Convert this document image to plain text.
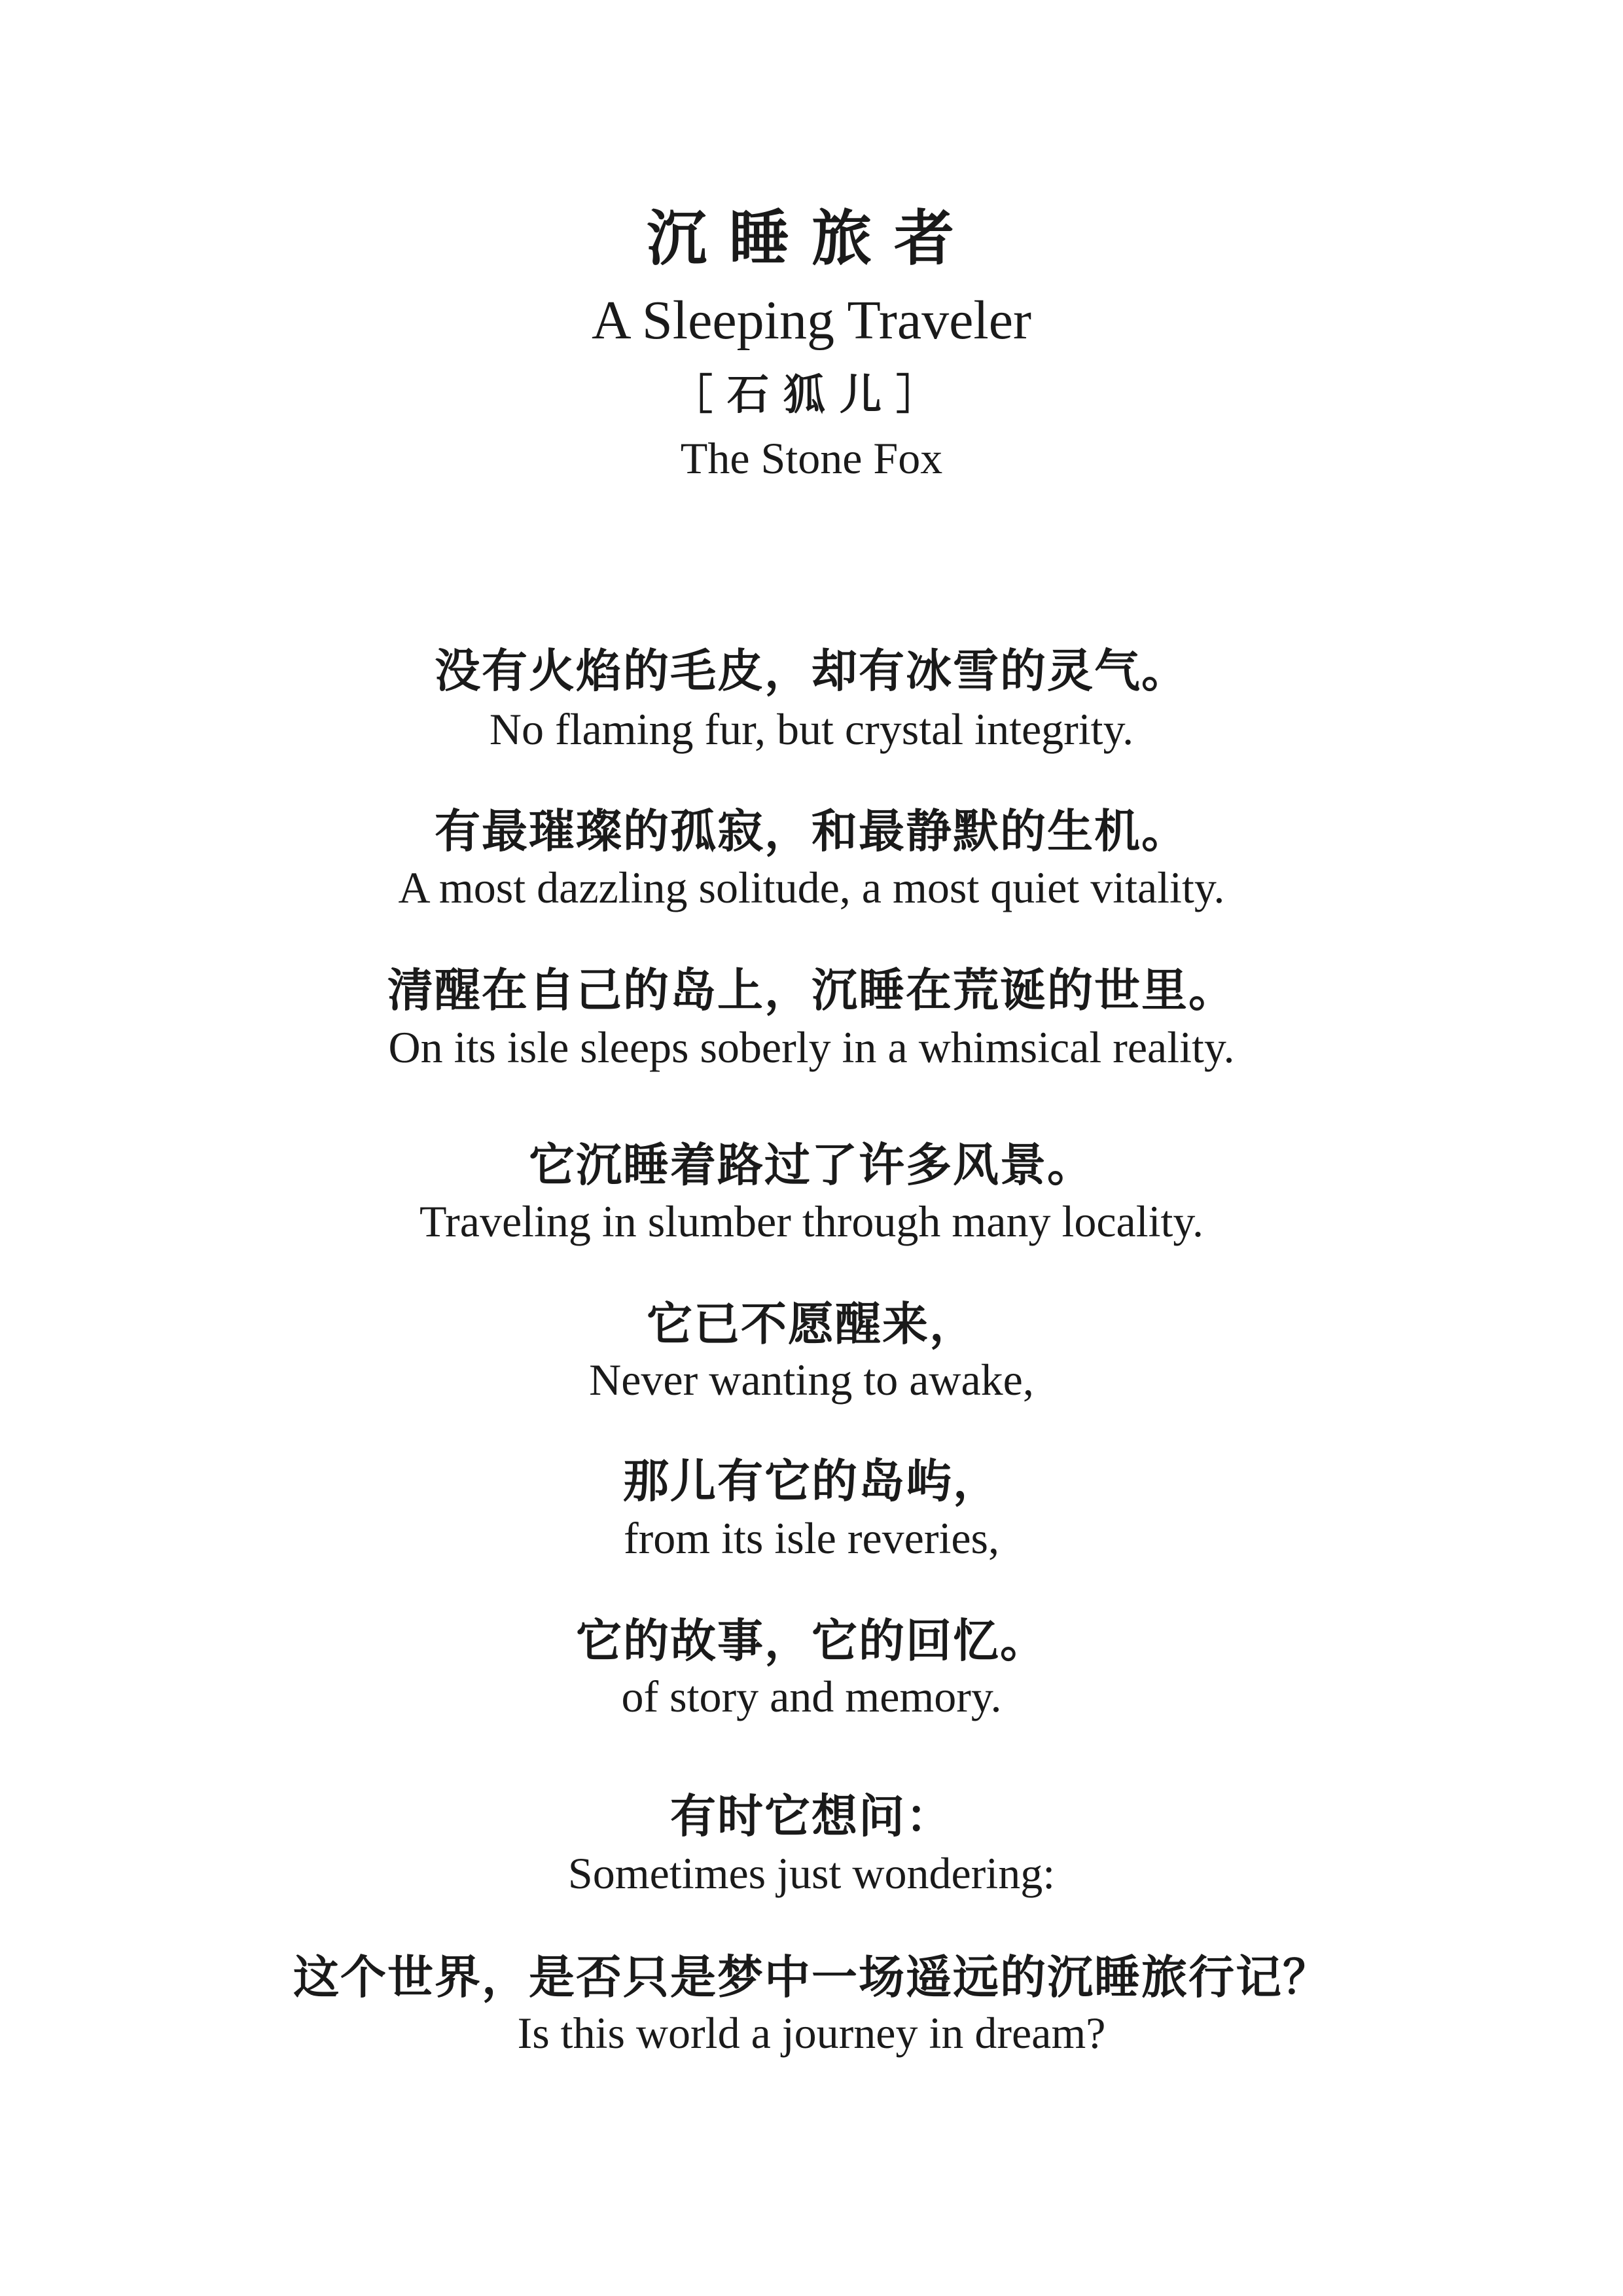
沉睡旅者
A Sleeping Traveler
［石狐儿］
The Stone Fox
没有火焰的毛皮，却有冰雪的灵气。
No flaming fur, but crystal integrity.
有最璀璨的孤寂，和最静默的生机。
A most dazzling solitude, a most quiet vitality.
清醒在自己的岛上，沉睡在荒诞的世里。
On its isle sleeps soberly in a whimsical reality.
它沉睡着路过了许多风景。
Traveling in slumber through many locality.
它已不愿醒来，
Never wanting to awake,
那儿有它的岛屿，
from its isle reveries,
它的故事，它的回忆。
of story and memory.
有时它想问：
Sometimes just wondering:
这个世界，是否只是梦中一场遥远的沉睡旅行记？
Is this world a journey in dream?
